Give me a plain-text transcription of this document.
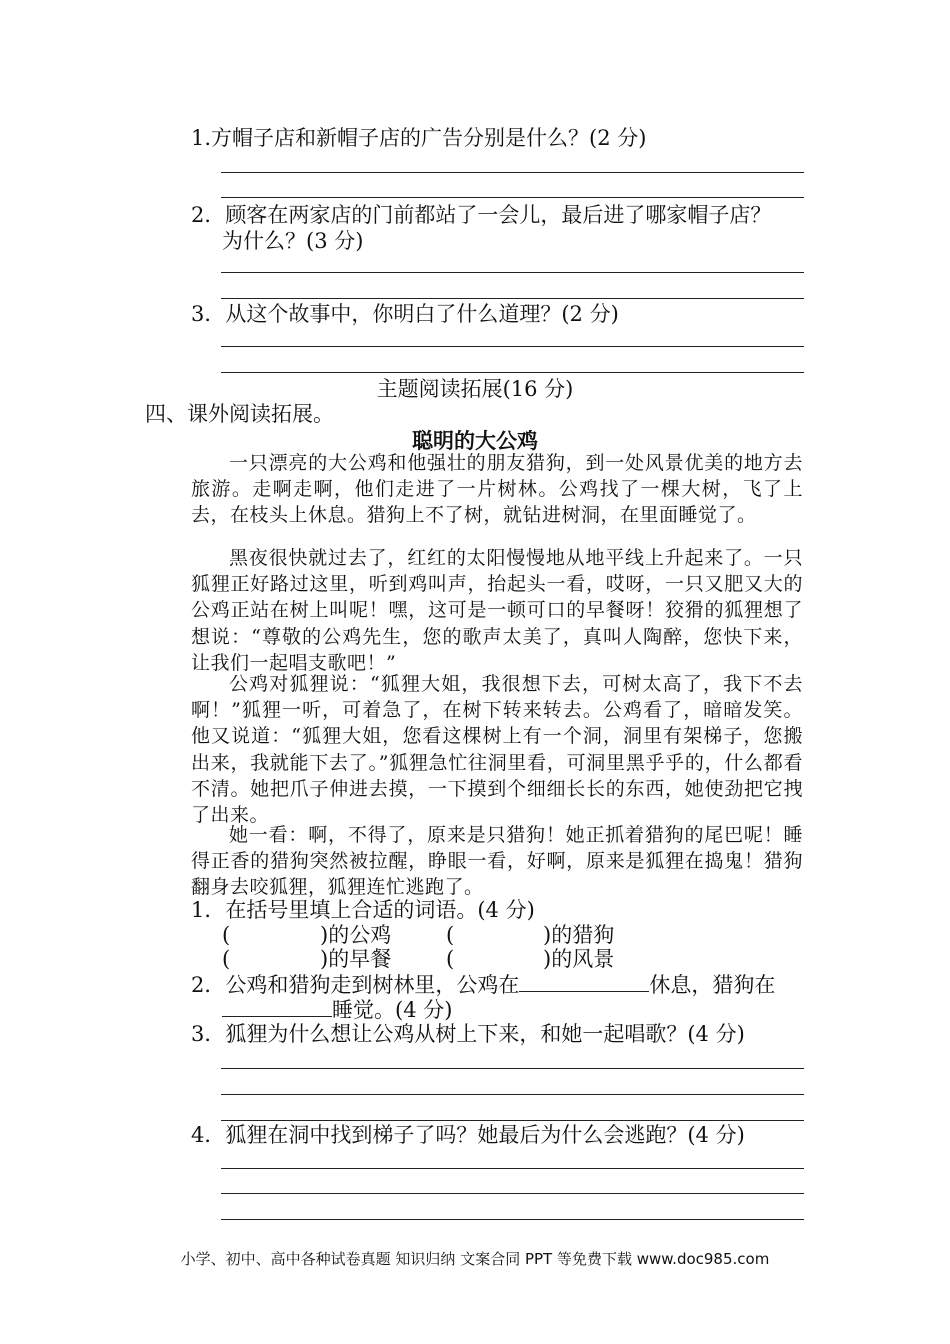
1.方帽子店和新帽子店的广告分别是什么？(2 分)
2．顾客在两家店的门前都站了一会儿，最后进了哪家帽子店？
为什么？(3 分)
3．从这个故事中，你明白了什么道理？(2 分)
主题阅读拓展(16 分)
四、课外阅读拓展。
聪明的大公鸡

一只漂亮的大公鸡和他强壮的朋友猎狗，到一处风景优美的地方去旅游。走啊走啊，他们走进了一片树林。公鸡找了一棵大树，飞了上去，在枝头上休息。猎狗上不了树，就钻进树洞，在里面睡觉了。

黑夜很快就过去了，红红的太阳慢慢地从地平线上升起来了。一只狐狸正好路过这里，听到鸡叫声，抬起头一看，哎呀，一只又肥又大的公鸡正站在树上叫呢！嘿，这可是一顿可口的早餐呀！狡猾的狐狸想了想说：“尊敬的公鸡先生，您的歌声太美了，真叫人陶醉，您快下来，让我们一起唱支歌吧！”

公鸡对狐狸说：“狐狸大姐，我很想下去，可树太高了，我下不去啊！”狐狸一听，可着急了，在树下转来转去。公鸡看了，暗暗发笑。他又说道：“狐狸大姐，您看这棵树上有一个洞，洞里有架梯子，您搬出来，我就能下去了。”狐狸急忙往洞里看，可洞里黑乎乎的，什么都看不清。她把爪子伸进去摸，一下摸到个细细长长的东西，她使劲把它拽了出来。

她一看：啊，不得了，原来是只猎狗！她正抓着猎狗的尾巴呢！睡得正香的猎狗突然被拉醒，睁眼一看，好啊，原来是狐狸在捣鬼！猎狗翻身去咬狐狸，狐狸连忙逃跑了。

1．在括号里填上合适的词语。(4 分)
(	)的公鸡	(	)的猎狗
(	)的早餐	(	)的风景
2．公鸡和猎狗走到树林里，公鸡在	休息，猎狗在
睡觉。(4 分)
3．狐狸为什么想让公鸡从树上下来，和她一起唱歌？(4 分)
4．狐狸在洞中找到梯子了吗？她最后为什么会逃跑？(4 分)
小学、初中、高中各种试卷真题 知识归纳 文案合同 PPT 等免费下载 www.doc985.com
